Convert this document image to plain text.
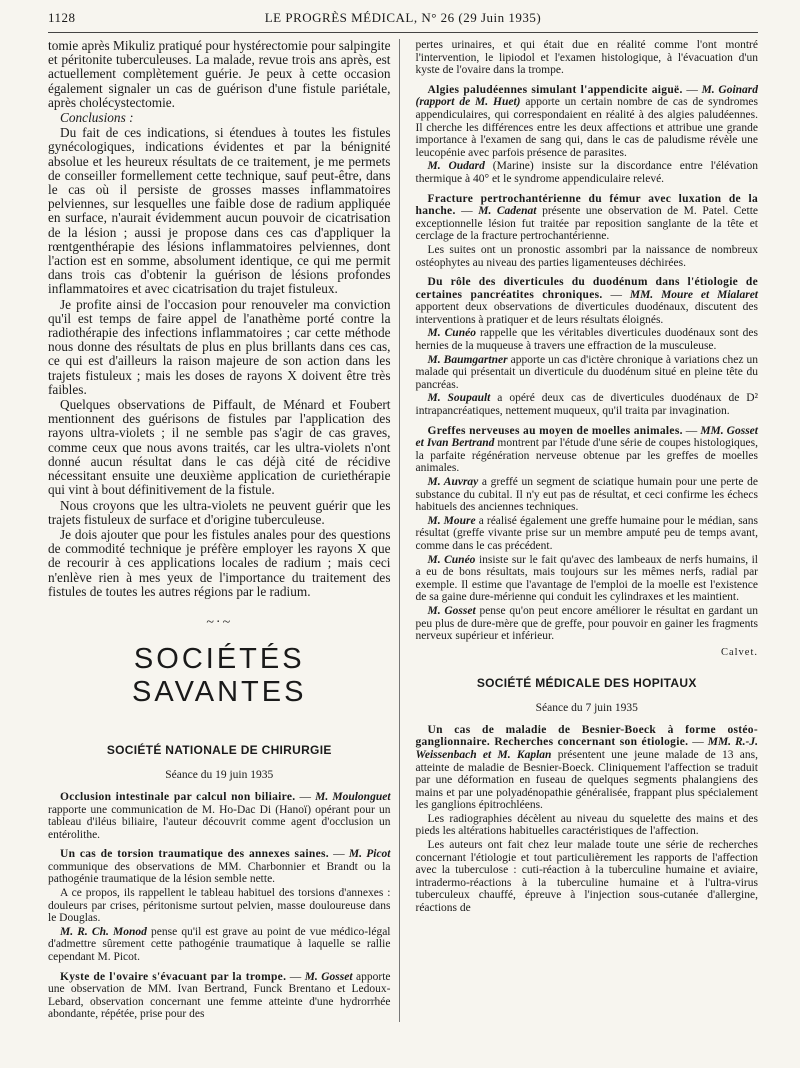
1128	LE PROGRÈS MÉDICAL, N° 26 (29 Juin 1935)

tomie après Mikuliz pratiqué pour hystérectomie pour salpingite et péritonite tuberculeuses. La malade, revue trois ans après, est actuellement complètement guérie. Je peux à cette occasion également signaler un cas de guérison d'une fistule pariétale, après cholécystectomie.

Conclusions :

Du fait de ces indications, si étendues à toutes les fistules gynécologiques, indications évidentes et par la bénignité absolue et les heureux résultats de ce traitement, je me permets de conseiller formellement cette technique, sauf peut-être, dans le cas où il persiste de grosses masses inflammatoires pelviennes, sur lesquelles une faible dose de radium appliquée en surface, n'aurait évidemment aucun pouvoir de cicatrisation de la lésion ; aussi je propose dans ces cas d'appliquer la rœntgenthérapie des lésions inflammatoires pelviennes, dont l'action est en somme, absolument identique, ce qui me permit dans trois cas d'obtenir la guérison de lésions profondes inflammatoires et avec cicatrisation du trajet fistuleux.

Je profite ainsi de l'occasion pour renouveler ma conviction qu'il est temps de faire appel de l'anathème porté contre la radiothérapie des infections inflammatoires ; car cette méthode nous donne des résultats de plus en plus brillants dans ces cas, ce qui est d'ailleurs la raison majeure de son action dans les trajets fistuleux ; mais les doses de rayons X doivent être très faibles.

Quelques observations de Piffault, de Ménard et Foubert mentionnent des guérisons de fistules par l'application des rayons ultra-violets ; il ne semble pas s'agir de cas graves, comme ceux que nous avons traités, car les ultra-violets n'ont donné aucun résultat dans le cas déjà cité de récidive nécessitant ensuite une deuxième application de curiethérapie qui vint à bout définitivement de la fistule.

Nous croyons que les ultra-violets ne peuvent guérir que les trajets fistuleux de surface et d'origine tuberculeuse.

Je dois ajouter que pour les fistules anales pour des questions de commodité technique je préfère employer les rayons X que de recourir à ces applications locales de radium ; mais ceci n'enlève rien à mes yeux de l'importance du traitement des fistules de toutes les autres régions par le radium.

~·~
SOCIÉTÉS SAVANTES
SOCIÉTÉ NATIONALE DE CHIRURGIE
Séance du 19 juin 1935

Occlusion intestinale par calcul non biliaire. — M. Moulonguet rapporte une communication de M. Ho-Dac Di (Hanoï) opérant pour un tableau d'iléus biliaire, l'auteur découvrit comme agent d'occlusion un entérolithe.

Un cas de torsion traumatique des annexes saines. — M. Picot communique des observations de MM. Charbonnier et Brandt ou la pathogénie traumatique de la lésion semble nette.

A ce propos, ils rappellent le tableau habituel des torsions d'annexes : douleurs par crises, péritonisme surtout pelvien, masse douloureuse dans le Douglas.

M. R. Ch. Monod pense qu'il est grave au point de vue médico-légal d'admettre sûrement cette pathogénie traumatique à laquelle se rallie cependant M. Picot.

Kyste de l'ovaire s'évacuant par la trompe. — M. Gosset apporte une observation de MM. Ivan Bertrand, Funck Brentano et Ledoux-Lebard, observation concernant une femme atteinte d'une hydrorrhée abondante, répétée, prise pour des

pertes urinaires, et qui était due en réalité comme l'ont montré l'intervention, le lipiodol et l'examen histologique, à l'évacuation d'un kyste de l'ovaire dans la trompe.

Algies paludéennes simulant l'appendicite aiguë. — M. Goinard (rapport de M. Huet) apporte un certain nombre de cas de syndromes appendiculaires, qui correspondaient en réalité à des algies paludéennes. Il cherche les différences entre les deux affections et attribue une grande importance à l'examen de sang qui, dans le cas de paludisme révèle une leucopénie avec parfois présence de parasites.

M. Oudard (Marine) insiste sur la discordance entre l'élévation thermique à 40° et le syndrome appendiculaire relevé.

Fracture pertrochantérienne du fémur avec luxation de la hanche. — M. Cadenat présente une observation de M. Patel. Cette exceptionnelle lésion fut traitée par reposition sanglante de la tête et cerclage de la fracture pertrochantérienne.

Les suites ont un pronostic assombri par la naissance de nombreux ostéophytes au niveau des parties ligamenteuses déchirées.

Du rôle des diverticules du duodénum dans l'étiologie de certaines pancréatites chroniques. — MM. Moure et Mialaret apportent deux observations de diverticules duodénaux, discutent des interventions à pratiquer et de leurs résultats éloignés.

M. Cunéo rappelle que les véritables diverticules duodénaux sont des hernies de la muqueuse à travers une effraction de la musculeuse.

M. Baumgartner apporte un cas d'ictère chronique à variations chez un malade qui présentait un diverticule du duodénum situé en pleine tête du pancréas.

M. Soupault a opéré deux cas de diverticules duodénaux de D² intrapancréatiques, nettement muqueux, qu'il traita par invagination.

Greffes nerveuses au moyen de moelles animales. — MM. Gosset et Ivan Bertrand montrent par l'étude d'une série de coupes histologiques, la parfaite régénération nerveuse obtenue par les greffes de moelles animales.

M. Auvray a greffé un segment de sciatique humain pour une perte de substance du cubital. Il n'y eut pas de résultat, et ceci confirme les échecs habituels des anciennes techniques.

M. Moure a réalisé également une greffe humaine pour le médian, sans résultat (greffe vivante prise sur un membre amputé peu de temps avant, comme dans le cas précédent.

M. Cunéo insiste sur le fait qu'avec des lambeaux de nerfs humains, il a eu de bons résultats, mais toujours sur les mêmes nerfs, radial par exemple. Il estime que l'avantage de l'emploi de la moelle est l'existence de sa gaine dure-mérienne qui conduit les cylindraxes et les maintient.

M. Gosset pense qu'on peut encore améliorer le résultat en gardant un peu plus de dure-mère que de greffe, pour pouvoir en gainer les fragments nerveux supérieur et inférieur.

Calvet.
SOCIÉTÉ MÉDICALE DES HOPITAUX
Séance du 7 juin 1935

Un cas de maladie de Besnier-Boeck à forme ostéo-ganglionnaire. Recherches concernant son étiologie. — MM. R.-J. Weissenbach et M. Kaplan présentent une jeune malade de 13 ans, atteinte de maladie de Besnier-Boeck. Cliniquement l'affection se traduit par une déformation en fuseau de quelques segments phalangiens des mains et par une polyadénopathie généralisée, frappant plus spécialement les ganglions épitrochléens.

Les radiographies décèlent au niveau du squelette des mains et des pieds les altérations habituelles caractéristiques de l'affection.

Les auteurs ont fait chez leur malade toute une série de recherches concernant l'étiologie et tout particulièrement les rapports de l'affection avec la tuberculose : cuti-réaction à la tuberculine humaine et aviaire, intradermo-réactions à la tuberculine humaine et à l'ultra-virus tuberculeux chauffé, épreuve à l'injection sous-cutanée d'allergine, réactions de
